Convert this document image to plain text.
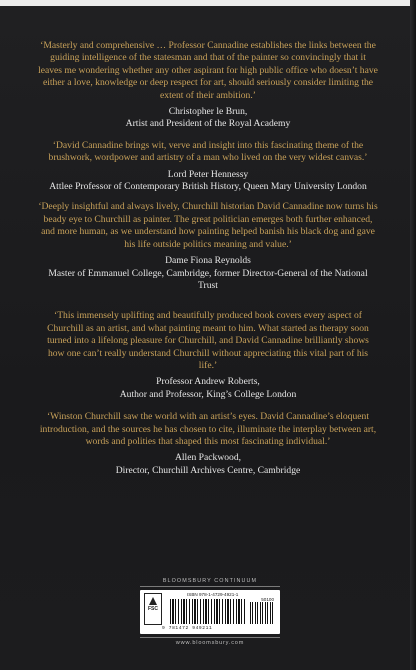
‘Masterly and comprehensive … Professor Cannadine establishes the links between the guiding intelligence of the statesman and that of the painter so convincingly that it leaves me wondering whether any other aspirant for high public office who doesn’t have either a love, knowledge or deep respect for art, should seriously consider limiting the extent of their ambition.’

Christopher le Brun,

Artist and President of the Royal Academy

‘David Cannadine brings wit, verve and insight into this fascinating theme of the brushwork, wordpower and artistry of a man who lived on the very widest canvas.’

Lord Peter Hennessy

Attlee Professor of Contemporary British History, Queen Mary University London

‘Deeply insightful and always lively, Churchill historian David Cannadine now turns his beady eye to Churchill as painter. The great politician emerges both further enhanced, and more human, as we understand how painting helped banish his black dog and gave his life outside politics meaning and value.’

Dame Fiona Reynolds

Master of Emmanuel College, Cambridge, former Director-General of the National Trust

‘This immensely uplifting and beautifully produced book covers every aspect of Churchill as an artist, and what painting meant to him. What started as therapy soon turned into a lifelong pleasure for Churchill, and David Cannadine brilliantly shows how one can’t really understand Churchill without appreciating this vital part of his life.’

Professor Andrew Roberts,

Author and Professor, King’s College London

‘Winston Churchill saw the world with an artist’s eyes. David Cannadine’s eloquent introduction, and the sources he has chosen to cite, illuminate the interplay between art, words and polities that shaped this most fascinating individual.’

Allen Packwood,

Director, Churchill Archives Centre, Cambridge

BLOOMSBURY CONTINUUM
FSC
ISBN 978-1-4729-4921-1
50100
9 781472 949211
www.bloomsbury.com
